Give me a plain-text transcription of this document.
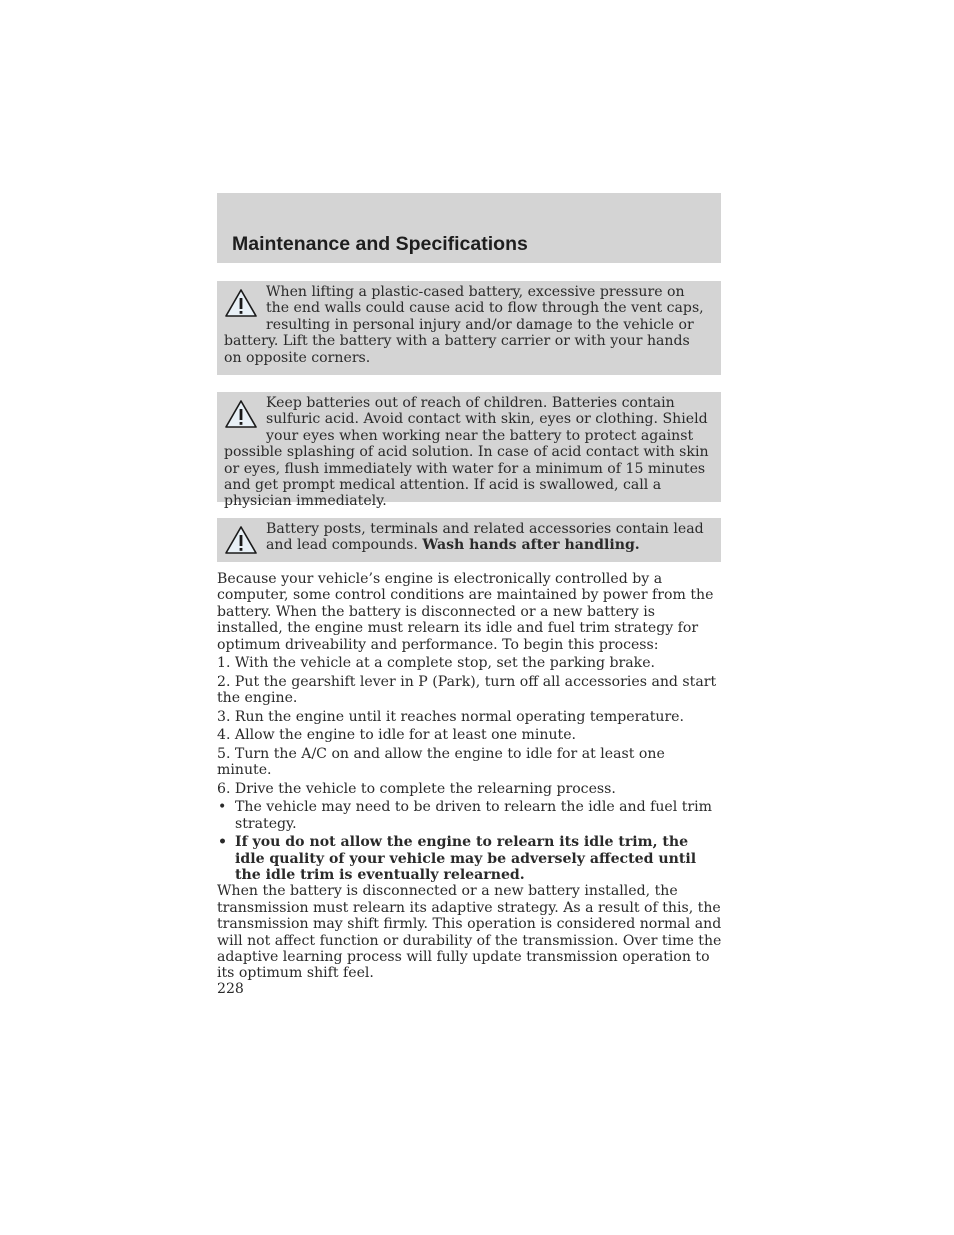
Maintenance and Specifications

When lifting a plastic-cased battery, excessive pressure on the end walls could cause acid to flow through the vent caps, resulting in personal injury and/or damage to the vehicle or battery. Lift the battery with a battery carrier or with your hands on opposite corners.

Keep batteries out of reach of children. Batteries contain sulfuric acid. Avoid contact with skin, eyes or clothing. Shield your eyes when working near the battery to protect against possible splashing of acid solution. In case of acid contact with skin or eyes, flush immediately with water for a minimum of 15 minutes and get prompt medical attention. If acid is swallowed, call a physician immediately.

Battery posts, terminals and related accessories contain lead and lead compounds. Wash hands after handling.

Because your vehicle’s engine is electronically controlled by a computer, some control conditions are maintained by power from the battery. When the battery is disconnected or a new battery is installed, the engine must relearn its idle and fuel trim strategy for optimum driveability and performance. To begin this process:

1. With the vehicle at a complete stop, set the parking brake.

2. Put the gearshift lever in P (Park), turn off all accessories and start the engine.

3. Run the engine until it reaches normal operating temperature.

4. Allow the engine to idle for at least one minute.

5. Turn the A/C on and allow the engine to idle for at least one minute.

6. Drive the vehicle to complete the relearning process.

• The vehicle may need to be driven to relearn the idle and fuel trim strategy.
• If you do not allow the engine to relearn its idle trim, the idle quality of your vehicle may be adversely affected until the idle trim is eventually relearned.

When the battery is disconnected or a new battery installed, the transmission must relearn its adaptive strategy. As a result of this, the transmission may shift firmly. This operation is considered normal and will not affect function or durability of the transmission. Over time the adaptive learning process will fully update transmission operation to its optimum shift feel.

228
